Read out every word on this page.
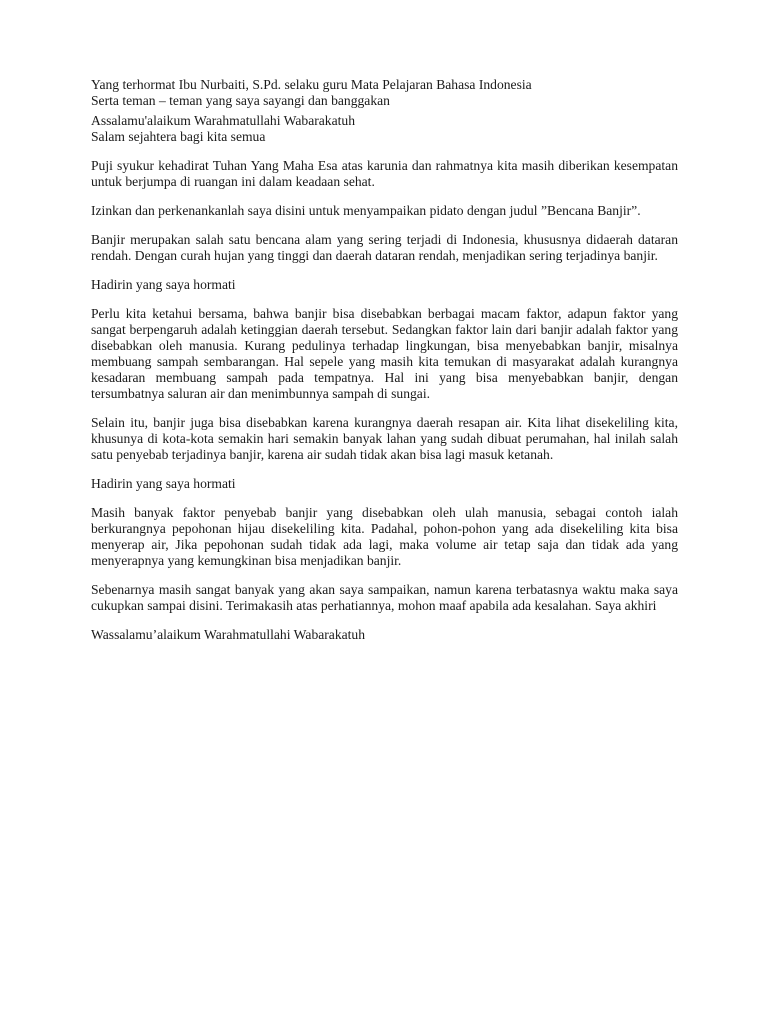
Yang terhormat Ibu Nurbaiti, S.Pd. selaku guru Mata Pelajaran Bahasa Indonesia
Serta teman – teman yang saya sayangi dan banggakan
Assalamu'alaikum Warahmatullahi Wabarakatuh
Salam sejahtera bagi kita semua

Puji syukur kehadirat Tuhan Yang Maha Esa atas karunia dan rahmatnya kita masih diberikan kesempatan untuk berjumpa di ruangan ini dalam keadaan sehat.

Izinkan dan perkenankanlah saya disini untuk menyampaikan pidato dengan judul ”Bencana Banjir”.

Banjir merupakan salah satu bencana alam yang sering terjadi di Indonesia, khususnya didaerah dataran rendah. Dengan curah hujan yang tinggi dan daerah dataran rendah, menjadikan sering terjadinya banjir.

Hadirin yang saya hormati

Perlu kita ketahui bersama, bahwa banjir bisa disebabkan berbagai macam faktor, adapun faktor yang sangat berpengaruh adalah ketinggian daerah tersebut. Sedangkan faktor lain dari banjir adalah faktor yang disebabkan oleh manusia. Kurang pedulinya terhadap lingkungan, bisa menyebabkan banjir, misalnya membuang sampah sembarangan. Hal sepele yang masih kita temukan di masyarakat adalah kurangnya kesadaran membuang sampah pada tempatnya. Hal ini yang bisa menyebabkan banjir, dengan tersumbatnya saluran air dan menimbunnya sampah di sungai.

Selain itu, banjir juga bisa disebabkan karena kurangnya daerah resapan air. Kita lihat disekeliling kita, khusunya di kota-kota semakin hari semakin banyak lahan yang sudah dibuat perumahan, hal inilah salah satu penyebab terjadinya banjir, karena air sudah tidak akan bisa lagi masuk ketanah.

Hadirin yang saya hormati

Masih banyak faktor penyebab banjir yang disebabkan oleh ulah manusia, sebagai contoh ialah berkurangnya pepohonan hijau disekeliling kita. Padahal, pohon-pohon yang ada disekeliling kita bisa menyerap air, Jika pepohonan sudah tidak ada lagi, maka volume air tetap saja dan tidak ada yang menyerapnya yang kemungkinan bisa menjadikan banjir.

Sebenarnya masih sangat banyak yang akan saya sampaikan, namun karena terbatasnya waktu maka saya cukupkan sampai disini. Terimakasih atas perhatiannya, mohon maaf apabila ada kesalahan. Saya akhiri

Wassalamu’alaikum Warahmatullahi Wabarakatuh
